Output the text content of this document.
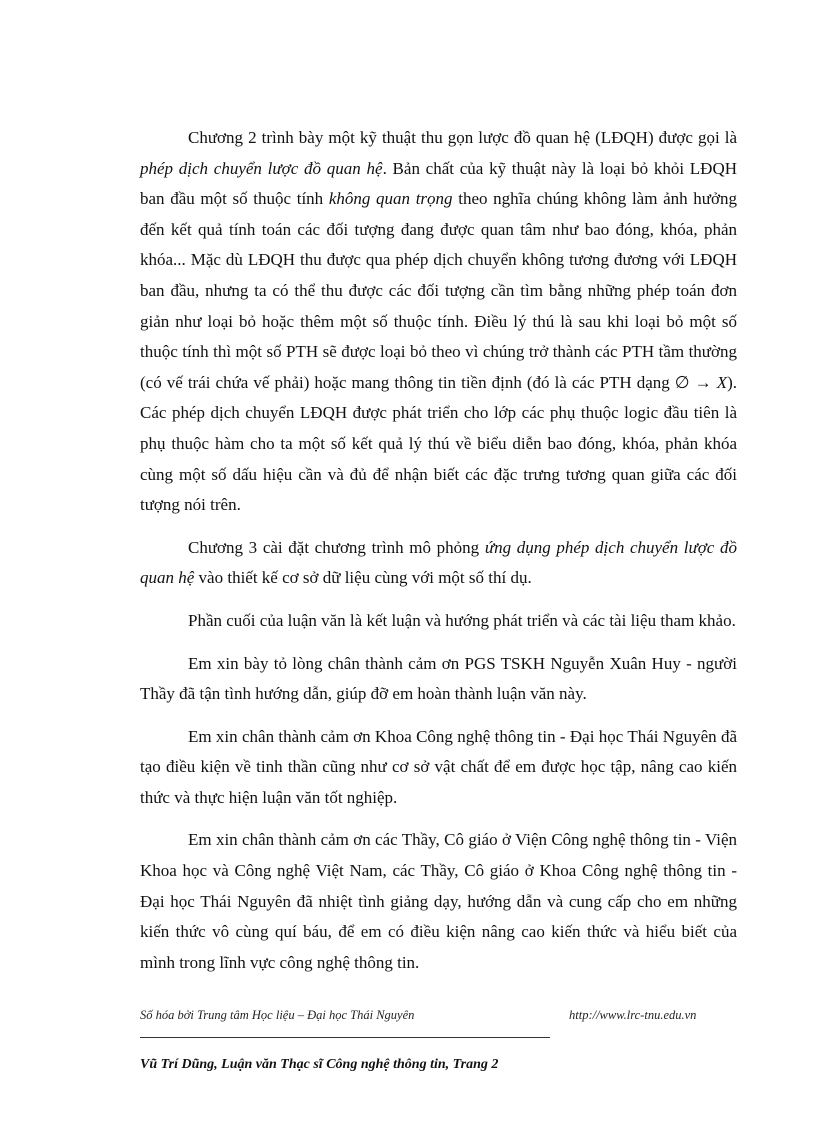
Chương 2 trình bày một kỹ thuật thu gọn lược đồ quan hệ (LĐQH) được gọi là phép dịch chuyển lược đồ quan hệ. Bản chất của kỹ thuật này là loại bỏ khỏi LĐQH ban đầu một số thuộc tính không quan trọng theo nghĩa chúng không làm ảnh hưởng đến kết quả tính toán các đối tượng đang được quan tâm như bao đóng, khóa, phản khóa... Mặc dù LĐQH thu được qua phép dịch chuyển không tương đương với LĐQH ban đầu, nhưng ta có thể thu được các đối tượng cần tìm bằng những phép toán đơn giản như loại bỏ hoặc thêm một số thuộc tính. Điều lý thú là sau khi loại bỏ một số thuộc tính thì một số PTH sẽ được loại bỏ theo vì chúng trở thành các PTH tầm thường (có vế trái chứa vế phải) hoặc mang thông tin tiền định (đó là các PTH dạng ∅ → X). Các phép dịch chuyển LĐQH được phát triển cho lớp các phụ thuộc logic đầu tiên là phụ thuộc hàm cho ta một số kết quả lý thú về biểu diễn bao đóng, khóa, phản khóa cùng một số dấu hiệu cần và đủ để nhận biết các đặc trưng tương quan giữa các đối tượng nói trên.

Chương 3 cài đặt chương trình mô phỏng ứng dụng phép dịch chuyển lược đồ quan hệ vào thiết kế cơ sở dữ liệu cùng với một số thí dụ.

Phần cuối của luận văn là kết luận và hướng phát triển và các tài liệu tham khảo.

Em xin bày tỏ lòng chân thành cảm ơn PGS TSKH Nguyễn Xuân Huy - người Thầy đã tận tình hướng dẫn, giúp đỡ em hoàn thành luận văn này.

Em xin chân thành cảm ơn Khoa Công nghệ thông tin - Đại học Thái Nguyên đã tạo điều kiện về tinh thần cũng như cơ sở vật chất để em được học tập, nâng cao kiến thức và thực hiện luận văn tốt nghiệp.

Em xin chân thành cảm ơn các Thầy, Cô giáo ở Viện Công nghệ thông tin - Viện Khoa học và Công nghệ Việt Nam, các Thầy, Cô giáo ở Khoa Công nghệ thông tin - Đại học Thái Nguyên đã nhiệt tình giảng dạy, hướng dẫn và cung cấp cho em những kiến thức vô cùng quí báu, để em có điều kiện nâng cao kiến thức và hiểu biết của mình trong lĩnh vực công nghệ thông tin.

Số hóa bởi Trung tâm Học liệu – Đại học Thái Nguyên	http://www.lrc-tnu.edu.vn
Vũ Trí Dũng, Luận văn Thạc sĩ Công nghệ thông tin, Trang 2
